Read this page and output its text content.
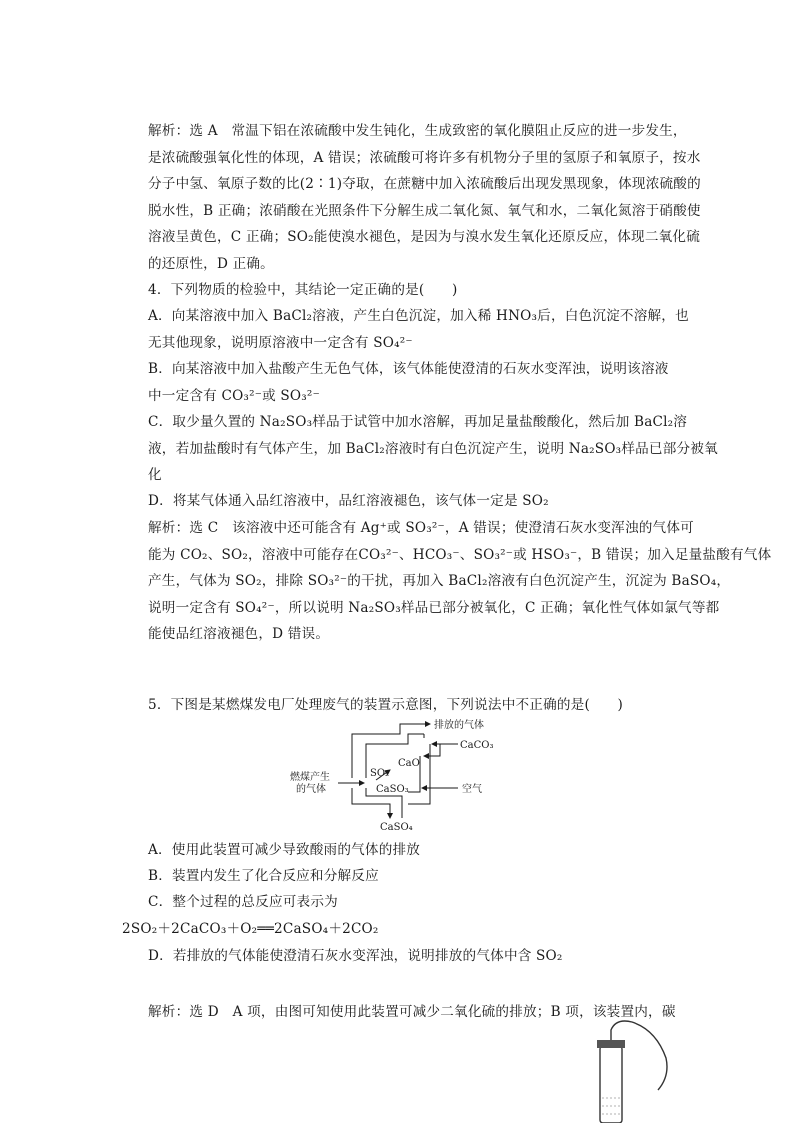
解析：选 A　常温下铝在浓硫酸中发生钝化，生成致密的氧化膜阻止反应的进一步发生，
是浓硫酸强氧化性的体现，A 错误；浓硫酸可将许多有机物分子里的氢原子和氧原子，按水
分子中氢、氧原子数的比(2∶1)夺取，在蔗糖中加入浓硫酸后出现发黑现象，体现浓硫酸的
脱水性，B 正确；浓硝酸在光照条件下分解生成二氧化氮、氧气和水，二氧化氮溶于硝酸使
溶液呈黄色，C 正确；SO₂能使溴水褪色，是因为与溴水发生氧化还原反应，体现二氧化硫
的还原性，D 正确。
4．下列物质的检验中，其结论一定正确的是(　　)
A．向某溶液中加入 BaCl₂溶液，产生白色沉淀，加入稀 HNO₃后，白色沉淀不溶解，也
无其他现象，说明原溶液中一定含有 SO₄²⁻
B．向某溶液中加入盐酸产生无色气体，该气体能使澄清的石灰水变浑浊，说明该溶液
中一定含有 CO₃²⁻或 SO₃²⁻
C．取少量久置的 Na₂SO₃样品于试管中加水溶解，再加足量盐酸酸化，然后加 BaCl₂溶
液，若加盐酸时有气体产生，加 BaCl₂溶液时有白色沉淀产生，说明 Na₂SO₃样品已部分被氧
化
D．将某气体通入品红溶液中，品红溶液褪色，该气体一定是 SO₂
解析：选 C　该溶液中还可能含有 Ag⁺或 SO₃²⁻，A 错误；使澄清石灰水变浑浊的气体可
能为 CO₂、SO₂，溶液中可能存在CO₃²⁻、HCO₃⁻、SO₃²⁻或 HSO₃⁻，B 错误；加入足量盐酸有气体
产生，气体为 SO₂，排除 SO₃²⁻的干扰，再加入 BaCl₂溶液有白色沉淀产生，沉淀为 BaSO₄，
说明一定含有 SO₄²⁻，所以说明 Na₂SO₃样品已部分被氧化，C 正确；氧化性气体如氯气等都
能使品红溶液褪色，D 错误。
5．下图是某燃煤发电厂处理废气的装置示意图，下列说法中不正确的是(　　)
A．使用此装置可减少导致酸雨的气体的排放
B．装置内发生了化合反应和分解反应
C．整个过程的总反应可表示为
2SO₂＋2CaCO₃＋O₂══2CaSO₄＋2CO₂
D．若排放的气体能使澄清石灰水变浑浊，说明排放的气体中含 SO₂
解析：选 D　A 项，由图可知使用此装置可减少二氧化硫的排放；B 项，该装置内，碳
排放的气体
CaCO₃
CaO
SO₂
燃煤产生
的气体	CaSO₃	空气
CaSO₄
